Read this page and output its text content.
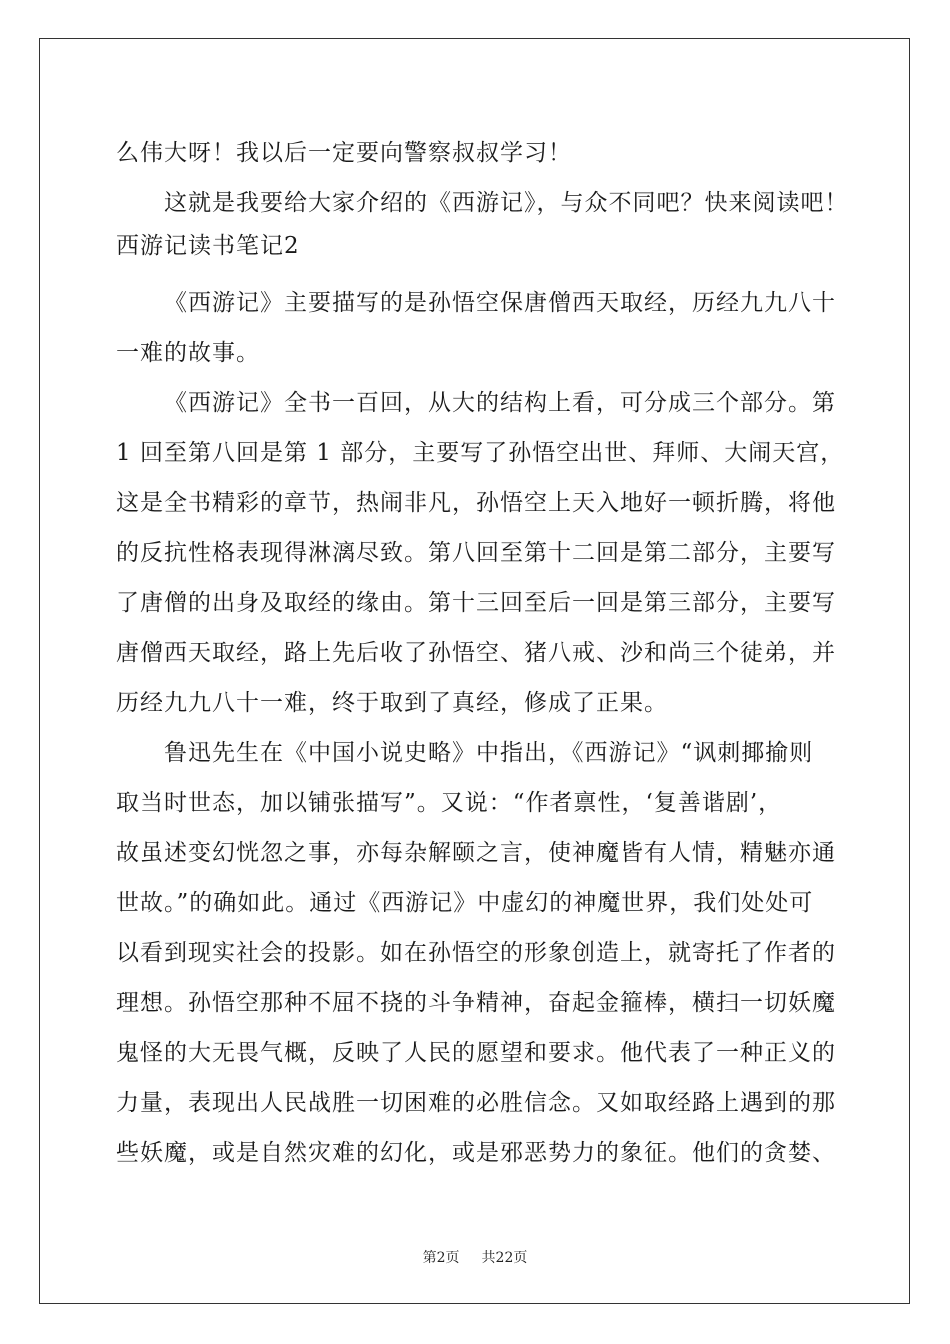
么伟大呀！我以后一定要向警察叔叔学习！
这就是我要给大家介绍的《西游记》，与众不同吧？快来阅读吧！
西游记读书笔记2
《西游记》主要描写的是孙悟空保唐僧西天取经，历经九九八十
一难的故事。
《西游记》全书一百回，从大的结构上看，可分成三个部分。第
1 回至第八回是第 1 部分，主要写了孙悟空出世、拜师、大闹天宫，
这是全书精彩的章节，热闹非凡，孙悟空上天入地好一顿折腾，将他
的反抗性格表现得淋漓尽致。第八回至第十二回是第二部分，主要写
了唐僧的出身及取经的缘由。第十三回至后一回是第三部分，主要写
唐僧西天取经，路上先后收了孙悟空、猪八戒、沙和尚三个徒弟，并
历经九九八十一难，终于取到了真经，修成了正果。
鲁迅先生在《中国小说史略》中指出，《西游记》“讽刺揶揄则
取当时世态，加以铺张描写”。又说：“作者禀性，‘复善谐剧’，
故虽述变幻恍忽之事，亦每杂解颐之言，使神魔皆有人情，精魅亦通
世故。”的确如此。通过《西游记》中虚幻的神魔世界，我们处处可
以看到现实社会的投影。如在孙悟空的形象创造上，就寄托了作者的
理想。孙悟空那种不屈不挠的斗争精神，奋起金箍棒，横扫一切妖魔
鬼怪的大无畏气概，反映了人民的愿望和要求。他代表了一种正义的
力量，表现出人民战胜一切困难的必胜信念。又如取经路上遇到的那
些妖魔，或是自然灾难的幻化，或是邪恶势力的象征。他们的贪婪、
第2页 共22页
